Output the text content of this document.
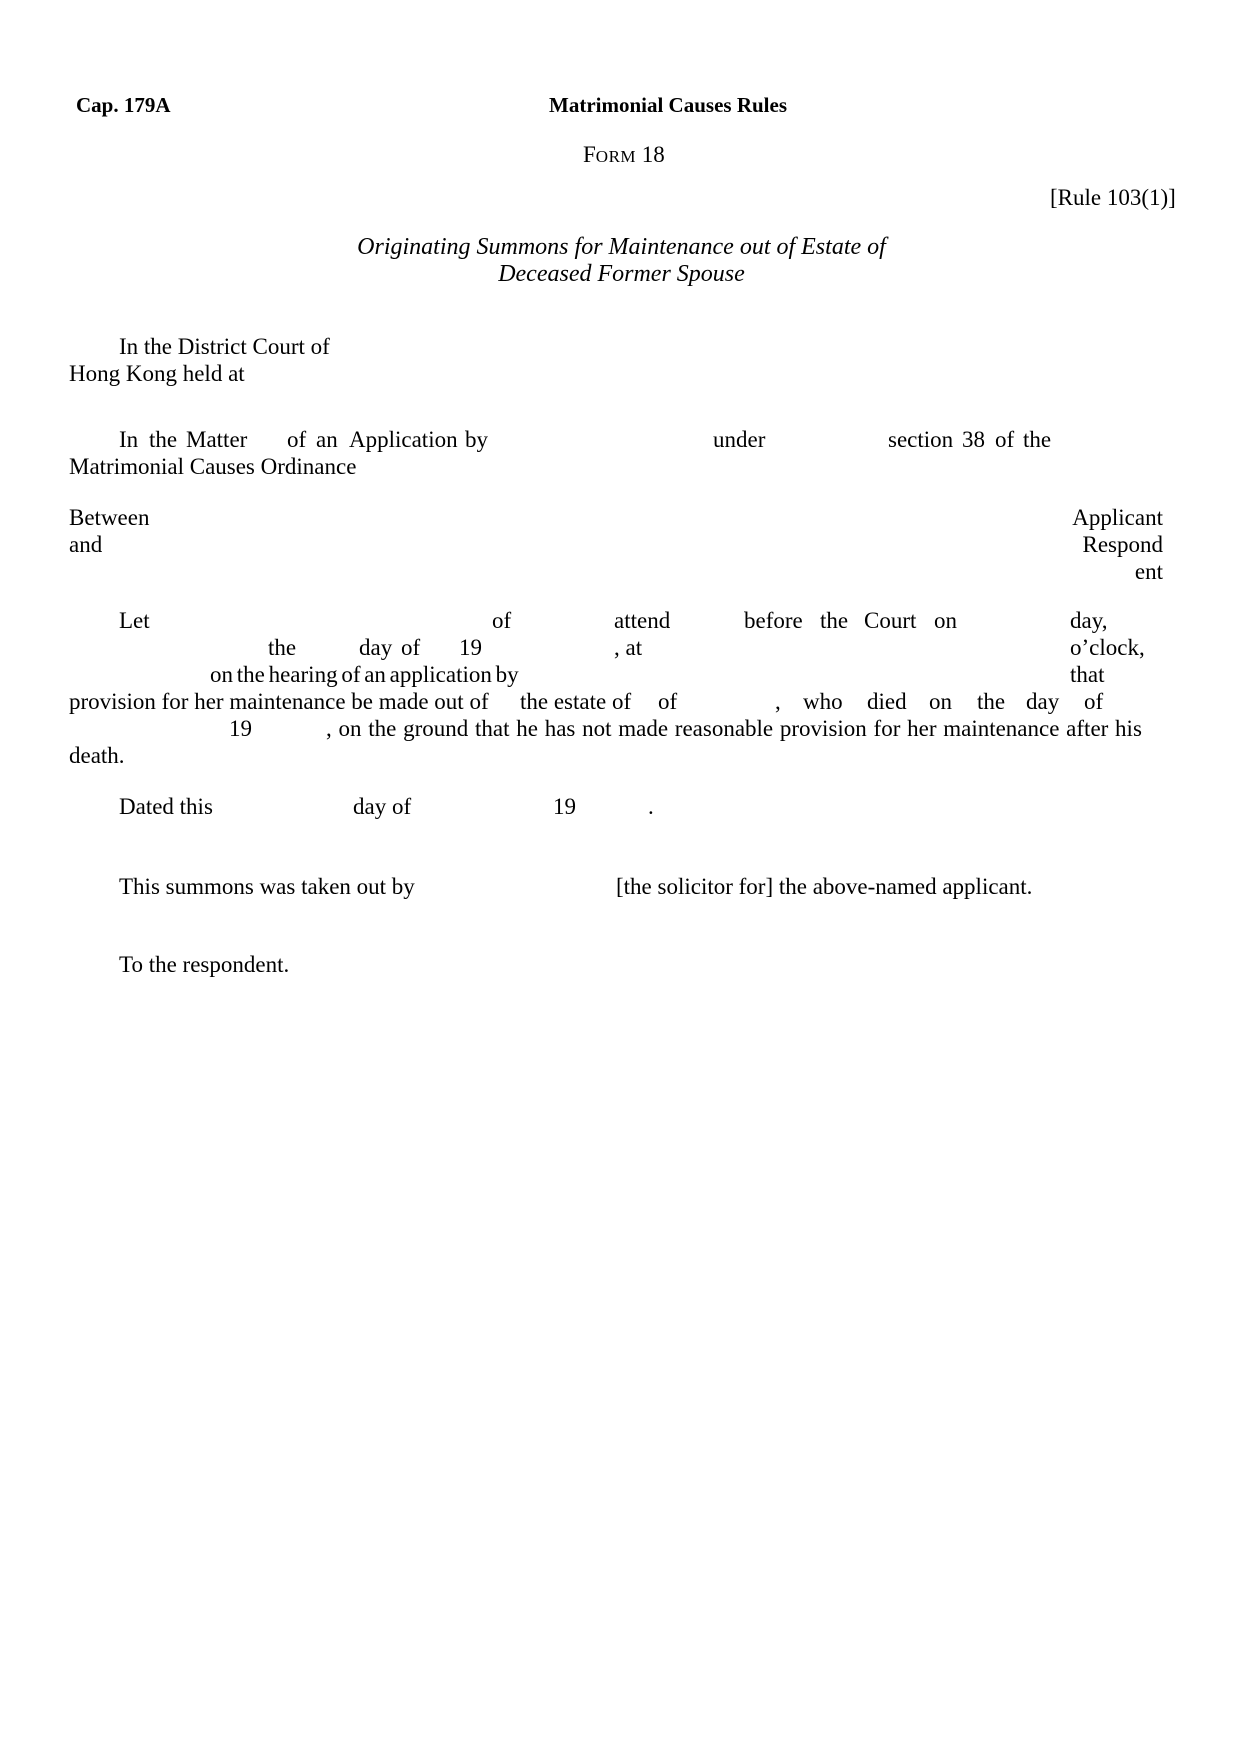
Cap. 179A	Matrimonial Causes Rules
FORM 18
[Rule 103(1)]
Originating Summons for Maintenance out of Estate of
Deceased Former Spouse
In the District Court of
Hong Kong held at
In the Matter of an Application by	under	section 38 of the
Matrimonial Causes Ordinance
Between
and
Applicant
Respond
ent
Let	of	attend	before the Court on	day,
the	day of 19	, at	o’clock,
on the hearing of an application by	that
provision for her maintenance be made out of the estate of of	, who died on the day of
19	, on the ground that he has not made reasonable provision for her maintenance after his
death.
Dated this	day of	19	.
This summons was taken out by	[the solicitor for] the above-named applicant.
To the respondent.
